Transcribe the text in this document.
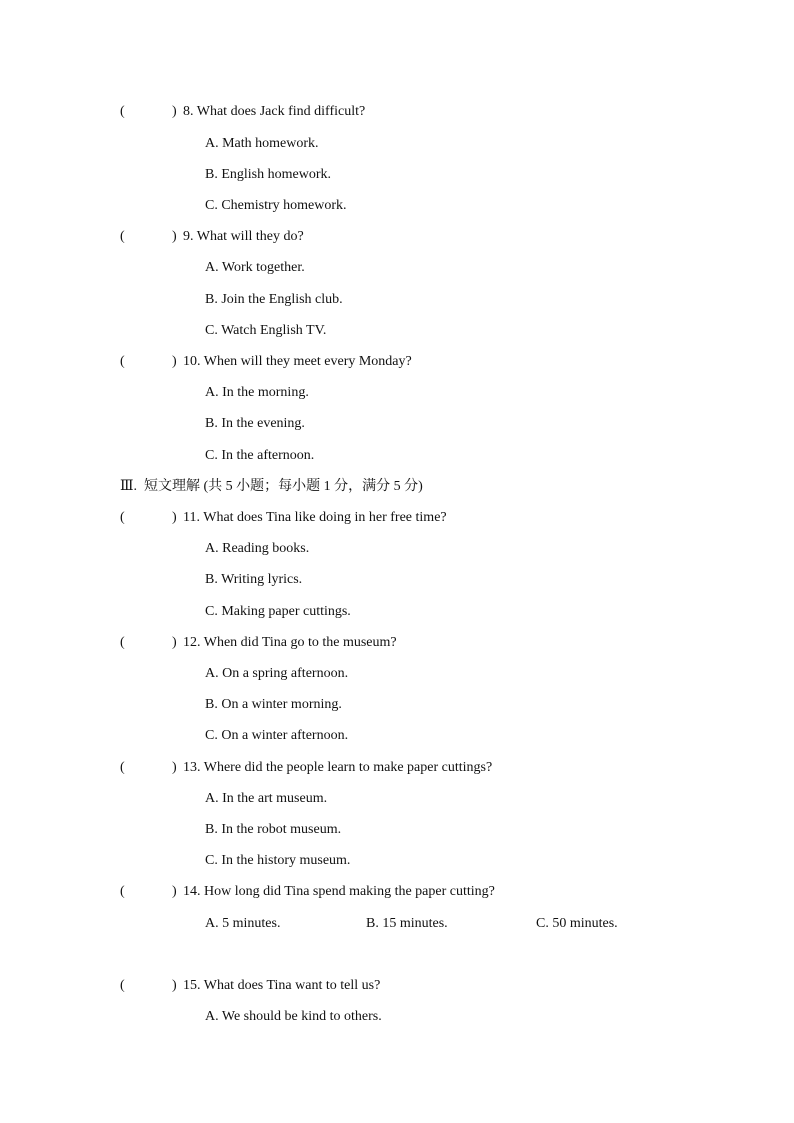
(	) 8. What does Jack find difficult?
A. Math homework.
B. English homework.
C. Chemistry homework.
(	) 9. What will they do?
A. Work together.
B. Join the English club.
C. Watch English TV.
(	) 10. When will they meet every Monday?
A. In the morning.
B. In the evening.
C. In the afternoon.
Ⅲ.  短文理解 (共 5 小题；每小题 1 分，满分 5 分)
(	) 11. What does Tina like doing in her free time?
A. Reading books.
B. Writing lyrics.
C. Making paper cuttings.
(	) 12. When did Tina go to the museum?
A. On a spring afternoon.
B. On a winter morning.
C. On a winter afternoon.
(	) 13. Where did the people learn to make paper cuttings?
A. In the art museum.
B. In the robot museum.
C. In the history museum.
(	) 14. How long did Tina spend making the paper cutting?
A. 5 minutes.	B. 15 minutes.	C. 50 minutes.
(	) 15. What does Tina want to tell us?
A. We should be kind to others.
